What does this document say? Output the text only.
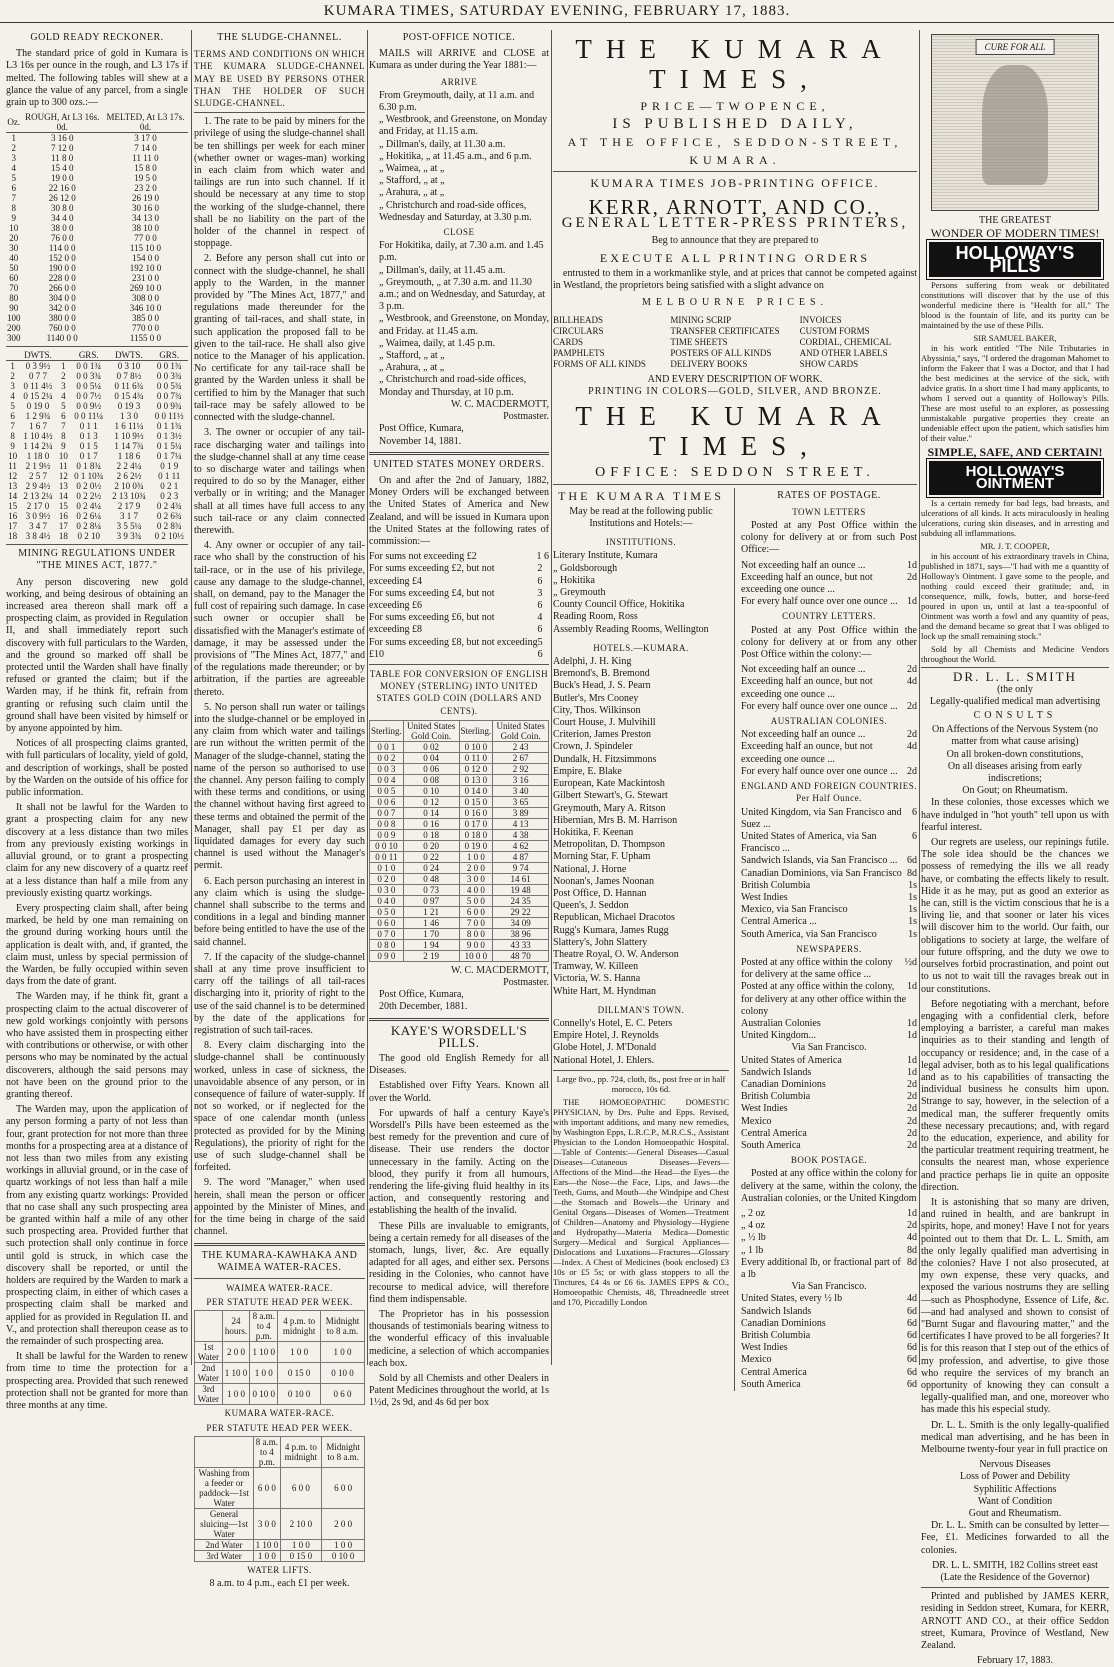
KUMARA TIMES, SATURDAY EVENING, FEBRUARY 17, 1883.
GOLD READY RECKONER.

The standard price of gold in Kumara is L3 16s per ounce in the rough, and L3 17s if melted. The following tables will shew at a glance the value of any parcel, from a single grain up to 300 ozs.:—

Oz.	ROUGH, At L3 16s. 0d.	MELTED, At L3 17s. 0d.
1	3 16 0	3 17 0
2	7 12 0	7 14 0
3	11 8 0	11 11 0
4	15 4 0	15 8 0
5	19 0 0	19 5 0
6	22 16 0	23 2 0
7	26 12 0	26 19 0
8	30 8 0	30 16 0
9	34 4 0	34 13 0
10	38 0 0	38 10 0
20	76 0 0	77 0 0
30	114 0 0	115 10 0
40	152 0 0	154 0 0
50	190 0 0	192 10 0
60	228 0 0	231 0 0
70	266 0 0	269 10 0
80	304 0 0	308 0 0
90	342 0 0	346 10 0
100	380 0 0	385 0 0
200	760 0 0	770 0 0
300	1140 0 0	1155 0 0
	DWTS.		GRS.	DWTS.	GRS.
1	0 3 9½	1	0 0 1¾	0 3 10	0 0 1¾
2	0 7 7	2	0 0 3¾	0 7 8½	0 0 3¾
3	0 11 4½	3	0 0 5¼	0 11 6¾	0 0 5¾
4	0 15 2¼	4	0 0 7½	0 15 4¾	0 0 7¾
5	0 19 0	5	0 0 9½	0 19 3	0 0 9¾
6	1 2 9¾	6	0 0 11¼	1 3 0	0 0 11½
7	1 6 7	7	0 1 1	1 6 11¼	0 1 1¾
8	1 10 4½	8	0 1 3	1 10 9½	0 1 3½
9	1 14 2¼	9	0 1 5	1 14 7¾	0 1 5¼
10	1 18 0	10	0 1 7	1 18 6	0 1 7¼
11	2 1 9½	11	0 1 8¾	2 2 4¼	0 1 9
12	2 5 7	12	0 1 10¾	2 6 2½	0 1 11
13	2 9 4½	13	0 2 0½	2 10 0¾	0 2 1
14	2 13 2¼	14	0 2 2½	2 13 10¾	0 2 3
15	2 17 0	15	0 2 4¼	2 17 9	0 2 4¾
16	3 0 9½	16	0 2 6¼	3 1 7	0 2 6¾
17	3 4 7	17	0 2 8¼	3 5 5¼	0 2 8¾
18	3 8 4½	18	0 2 10	3 9 3¾	0 2 10½
MINING REGULATIONS UNDER "THE MINES ACT, 1877."

Any person discovering new gold working, and being desirous of obtaining an increased area thereon shall mark off a prospecting claim, as provided in Regulation II, and shall immediately report such discovery with full particulars to the Warden, and the ground so marked off shall be protected until the Warden shall have finally refused or granted the claim; but if the Warden may, if he think fit, refrain from granting or refusing such claim until the ground shall have been visited by himself or by anyone appointed by him.

Notices of all prospecting claims granted, with full particulars of locality, yield of gold, and description of workings, shall be posted by the Warden on the outside of his office for public information.

It shall not be lawful for the Warden to grant a prospecting claim for any new discovery at a less distance than two miles from any previously existing workings in alluvial ground, or to grant a prospecting claim for any new discovery of a quartz reef at a less distance than half a mile from any previously existing quartz workings.

Every prospecting claim shall, after being marked, be held by one man remaining on the ground during working hours until the application is dealt with, and, if granted, the claim must, unless by special permission of the Warden, be fully occupied within seven days from the date of grant.

The Warden may, if he think fit, grant a prospecting claim to the actual discoverer of new gold workings conjointly with persons who have assisted them in prospecting either with contributions or otherwise, or with other persons who may be nominated by the actual discoverers, although the said persons may not have been on the ground prior to the granting thereof.

The Warden may, upon the application of any person forming a party of not less than four, grant protection for not more than three months for a prospecting area at a distance of not less than two miles from any existing workings in alluvial ground, or in the case of quartz workings of not less than half a mile from any existing quartz workings: Provided that no case shall any such prospecting area be granted within half a mile of any other such prospecting area. Provided further that such protection shall only continue in force until gold is struck, in which case the discovery shall be reported, or until the holders are required by the Warden to mark a prospecting claim, in either of which cases a prospecting claim shall be marked and applied for as provided in Regulation II. and V., and protection shall thereupon cease as to the remainder of such prospecting area.

It shall be lawful for the Warden to renew from time to time the protection for a prospecting area. Provided that such renewed protection shall not be granted for more than three months at any time.

THE SLUDGE-CHANNEL.
TERMS AND CONDITIONS ON WHICH THE KUMARA SLUDGE-CHANNEL MAY BE USED BY PERSONS OTHER THAN THE HOLDER OF SUCH SLUDGE-CHANNEL.

1. The rate to be paid by miners for the privilege of using the sludge-channel shall be ten shillings per week for each miner (whether owner or wages-man) working in each claim from which water and tailings are run into such channel. If it should be necessary at any time to stop the working of the sludge-channel, there shall be no liability on the part of the holder of the channel in respect of stoppage.

2. Before any person shall cut into or connect with the sludge-channel, he shall apply to the Warden, in the manner provided by "The Mines Act, 1877," and regulations made thereunder for the granting of tail-races, and shall state, in such application the proposed fall to be given to the tail-race. He shall also give notice to the Manager of his application. No certificate for any tail-race shall be granted by the Warden unless it shall be certified to him by the Manager that such tail-race may be safely allowed to be connected with the sludge-channel.

3. The owner or occupier of any tail-race discharging water and tailings into the sludge-channel shall at any time cease to so discharge water and tailings when required to do so by the Manager, either verbally or in writing; and the Manager shall at all times have full access to any such tail-race or any claim connected therewith.

4. Any owner or occupier of any tail-race who shall by the construction of his tail-race, or in the use of his privilege, cause any damage to the sludge-channel, shall, on demand, pay to the Manager the full cost of repairing such damage. In case such owner or occupier shall be dissatisfied with the Manager's estimate of damage, it may be assessed under the provisions of "The Mines Act, 1877," and of the regulations made thereunder; or by arbitration, if the parties are agreeable thereto.

5. No person shall run water or tailings into the sludge-channel or be employed in any claim from which water and tailings are run without the written permit of the Manager of the sludge-channel, stating the name of the person so authorised to use the channel. Any person failing to comply with these terms and conditions, or using the channel without having first agreed to these terms and obtained the permit of the Manager, shall pay £1 per day as liquidated damages for every day such channel is used without the Manager's permit.

6. Each person purchasing an interest in any claim which is using the sludge-channel shall subscribe to the terms and conditions in a legal and binding manner before being entitled to have the use of the said channel.

7. If the capacity of the sludge-channel shall at any time prove insufficient to carry off the tailings of all tail-races discharging into it, priority of right to the use of the said channel is to be determined by the date of the applications for registration of such tail-races.

8. Every claim discharging into the sludge-channel shall be continuously worked, unless in case of sickness, the unavoidable absence of any person, or in consequence of failure of water-supply. If not so worked, or if neglected for the space of one calendar month (unless protected as provided for by the Mining Regulations), the priority of right for the use of such sludge-channel shall be forfeited.

9. The word "Manager," when used herein, shall mean the person or officer appointed by the Minister of Mines, and for the time being in charge of the said channel.

THE KUMARA-KAWHAKA AND WAIMEA WATER-RACES.
WAIMEA WATER-RACE.
PER STATUTE HEAD PER WEEK.
	24 hours.	8 a.m. to 4 p.m.	4 p.m. to midnight	Midnight to 8 a.m.
1st Water	2 0 0	1 10 0	1 0 0	1 0 0
2nd Water	1 10 0	1 0 0	0 15 0	0 10 0
3rd Water	1 0 0	0 10 0	0 10 0	0 6 0
KUMARA WATER-RACE.
PER STATUTE HEAD PER WEEK.
	8 a.m. to 4 p.m.	4 p.m. to midnight	Midnight to 8 a.m.
Washing from a feeder or paddock—1st Water	6 0 0	6 0 0	6 0 0
General sluicing—1st Water	3 0 0	2 10 0	2 0 0
2nd Water	1 10 0	1 0 0	1 0 0
3rd Water	1 0 0	0 15 0	0 10 0
WATER LIFTS.
8 a.m. to 4 p.m., each £1 per week.
POST-OFFICE NOTICE.

MAILS will ARRIVE and CLOSE at Kumara as under during the Year 1881:—

ARRIVE
From Greymouth, daily, at 11 a.m. and 6.30 p.m.
„ Westbrook, and Greenstone, on Monday and Friday, at 11.15 a.m.
„ Dillman's, daily, at 11.30 a.m.
„ Hokitika, „ at 11.45 a.m., and 6 p.m.
„ Waimea, „ at „
„ Stafford, „ at „
„ Arahura, „ at „
„ Christchurch and road-side offices, Wednesday and Saturday, at 3.30 p.m.
CLOSE
For Hokitika, daily, at 7.30 a.m. and 1.45 p.m.
„ Dillman's, daily, at 11.45 a.m.
„ Greymouth, „ at 7.30 a.m. and 11.30 a.m.; and on Wednesday, and Saturday, at 3 p.m.
„ Westbrook, and Greenstone, on Monday, and Friday. at 11.45 a.m.
„ Waimea, daily, at 1.45 p.m.
„ Stafford, „ at „
„ Arahura, „ at „
„ Christchurch and road-side offices, Monday and Thursday, at 10 p.m.
W. C. MACDERMOTT,
Postmaster.
Post Office, Kumara,
November 14, 1881.
UNITED STATES MONEY ORDERS.

On and after the 2nd of January, 1882, Money Orders will be exchanged between the United States of America and New Zealand, and will be issued in Kumara upon the United States at the following rates of commission:—

For sums not exceeding £2	1 6
For sums exceeding £2, but not exceeding £4
2 6
For sums exceeding £4, but not exceeding £6
3 6
For sums exceeding £6, but not exceeding £8
4 6
For sums exceeding £8, but not exceeding £10
5 6
TABLE FOR CONVERSION OF ENGLISH MONEY (STERLING) INTO UNITED STATES GOLD COIN (DOLLARS AND CENTS).
Sterling.	United States Gold Coin.	Sterling.	United States Gold Coin.
0 0 1	0 02	0 10 0	2 43
0 0 2	0 04	0 11 0	2 67
0 0 3	0 06	0 12 0	2 92
0 0 4	0 08	0 13 0	3 16
0 0 5	0 10	0 14 0	3 40
0 0 6	0 12	0 15 0	3 65
0 0 7	0 14	0 16 0	3 89
0 0 8	0 16	0 17 0	4 13
0 0 9	0 18	0 18 0	4 38
0 0 10	0 20	0 19 0	4 62
0 0 11	0 22	1 0 0	4 87
0 1 0	0 24	2 0 0	9 74
0 2 0	0 48	3 0 0	14 61
0 3 0	0 73	4 0 0	19 48
0 4 0	0 97	5 0 0	24 35
0 5 0	1 21	6 0 0	29 22
0 6 0	1 46	7 0 0	34 09
0 7 0	1 70	8 0 0	38 96
0 8 0	1 94	9 0 0	43 33
0 9 0	2 19	10 0 0	48 70
W. C. MACDERMOTT,
Postmaster.
Post Office, Kumara,
20th December, 1881.
KAYE'S WORSDELL'S PILLS.

The good old English Remedy for all Diseases.

Established over Fifty Years. Known all over the World.

For upwards of half a century Kaye's Worsdell's Pills have been esteemed as the best remedy for the prevention and cure of disease. Their use renders the doctor unnecessary in the family. Acting on the blood, they purify it from all humours, rendering the life-giving fluid healthy in its action, and consequently restoring and establishing the health of the invalid.

These Pills are invaluable to emigrants, being a certain remedy for all diseases of the stomach, lungs, liver, &c. Are equally adapted for all ages, and either sex. Persons residing in the Colonies, who cannot have recourse to medical advice, will therefore find them indispensable.

The Proprietor has in his possession thousands of testimonials bearing witness to the wonderful efficacy of this invaluable medicine, a selection of which accompanies each box.

Sold by all Chemists and other Dealers in Patent Medicines throughout the world, at 1s 1½d, 2s 9d, and 4s 6d per box

THE KUMARA TIMES,
PRICE—TWOPENCE,
IS PUBLISHED DAILY,
AT THE OFFICE, SEDDON-STREET,
KUMARA.
KUMARA TIMES JOB-PRINTING OFFICE.
KERR, ARNOTT, AND CO.,
GENERAL LETTER-PRESS PRINTERS,
Beg to announce that they are prepared to
EXECUTE ALL PRINTING ORDERS

entrusted to them in a workmanlike style, and at prices that cannot be competed against in Westland, the proprietors being satisfied with a slight advance on

MELBOURNE PRICES.
BILLHEADS
CIRCULARS
CARDS
PAMPHLETS
FORMS OF ALL KINDS
MINING SCRIP
TRANSFER CERTIFICATES
TIME SHEETS
POSTERS OF ALL KINDS
DELIVERY BOOKS
INVOICES
CUSTOM FORMS
CORDIAL, CHEMICAL
AND OTHER LABELS
SHOW CARDS
AND EVERY DESCRIPTION OF WORK.
PRINTING IN COLORS—GOLD, SILVER, AND BRONZE.
THE KUMARA TIMES,
OFFICE: SEDDON STREET.
THE KUMARA TIMES
May be read at the following public Institutions and Hotels:—
INSTITUTIONS.
Literary Institute, Kumara
„ Goldsborough
„ Hokitika
„ Greymouth
County Council Office, Hokitika
Reading Room, Ross
Assembly Reading Rooms, Wellington
HOTELS.—KUMARA.
Adelphi, J. H. King
Bremond's, B. Bremond
Buck's Head, J. S. Pearn
Butler's, Mrs Cooney
City, Thos. Wilkinson
Court House, J. Mulvihill
Criterion, James Preston
Crown, J. Spindeler
Dundalk, H. Fitzsimmons
Empire, E. Blake
European, Kate Mackintosh
Gilbert Stewart's, G. Stewart
Greymouth, Mary A. Ritson
Hibernian, Mrs B. M. Harrison
Hokitika, F. Keenan
Metropolitan, D. Thompson
Morning Star, F. Upham
National, J. Horne
Noonan's, James Noonan
Post Office, D. Hannan
Queen's, J. Seddon
Republican, Michael Dracotos
Rugg's Kumara, James Rugg
Slattery's, John Slattery
Theatre Royal, O. W. Anderson
Tramway, W. Killeen
Victoria, W. S. Hanna
White Hart, M. Hyndman
DILLMAN'S TOWN.
Connelly's Hotel, E. C. Peters
Empire Hotel, J. Reynolds
Globe Hotel, J. M'Donald
National Hotel, J. Ehlers.
Large 8vo., pp. 724, cloth, 8s., post free or in half morocco, 10s 6d.

THE HOMOEOPATHIC DOMESTIC PHYSICIAN, by Drs. Pulte and Epps. Revised, with important additions, and many new remedies, by Washington Epps, L.R.C.P., M.R.C.S., Assistant Physician to the London Homoeopathic Hospital.—Table of Contents:—General Diseases—Casual Diseases—Cutaneous Diseases—Fevers—Affections of the Mind—the Head—the Eyes—the Ears—the Nose—the Face, Lips, and Jaws—the Teeth, Gums, and Mouth—the Windpipe and Chest—the Stomach and Bowels—the Urinary and Genital Organs—Diseases of Women—Treatment of Children—Anatomy and Physiology—Hygiene and Hydropathy—Materia Medica—Domestic Surgery—Medical and Surgical Appliances—Dislocations and Luxations—Fractures—Glossary—Index. A Chest of Medicines (book enclosed) £3 10s or £5 5s; or with glass stoppers to all the Tinctures, £4 4s or £6 6s. JAMES EPPS & CO., Homoeopathic Chemists, 48, Threadneedle street and 170, Piccadilly London

RATES OF POSTAGE.
TOWN LETTERS

Posted at any Post Office within the colony for delivery at or from such Post Office:—

Not exceeding half an ounce ...	1d
Exceeding half an ounce, but not exceeding one ounce ...
2d
For every half ounce over one ounce ... 1d
COUNTRY LETTERS.

Posted at any Post Office within the colony for delivery at or from any other Post Office within the colony:—

Not exceeding half an ounce ...	2d
Exceeding half an ounce, but not exceeding one ounce ...
4d
For every half ounce over one ounce ... 2d
AUSTRALIAN COLONIES.
Not exceeding half an ounce ...	2d
Exceeding half an ounce, but not exceeding one ounce ...
4d
For every half ounce over one ounce ... 2d
ENGLAND AND FOREIGN COUNTRIES. Per Half Ounce.
United Kingdom, via San Francisco and Suez ...
6
United States of America, via San Francisco ...
6
Sandwich Islands, via San Francisco ... 6d
Canadian Dominions, via San Francisco 8d
British Columbia	1s
West Indies	1s
Mexico, via San Francisco	1s
Central America ...	1s
South America, via San Francisco	1s
NEWSPAPERS.
Posted at any office within the colony for delivery at the same office ...
½d
Posted at any office within the colony, for delivery at any other office within the colony
1d
Australian Colonies	1d
United Kingdom...	1d
Via San Francisco.
United States of America	1d
Sandwich Islands	1d
Canadian Dominions	2d
British Columbia	2d
West Indies	2d
Mexico	2d
Central America	2d
South America	2d
BOOK POSTAGE.

Posted at any office within the colony for delivery at the same, within the colony, the Australian colonies, or the United Kingdom

„ 2 oz	1d
„ 4 oz	2d
„ ½ lb	4d
„ 1 lb	8d
Every additional lb, or fractional part of a lb
8d
Via San Francisco.
United States, every ½ lb	4d
Sandwich Islands	6d
Canadian Dominions	6d
British Columbia	6d
West Indies	6d
Mexico	6d
Central America	6d
South America	6d
CURE FOR ALL
THE GREATEST
WONDER OF MODERN TIMES!
HOLLOWAY'S PILLS

Persons suffering from weak or debilitated constitutions will discover that by the use of this wonderful medicine there is "Health for all." The blood is the fountain of life, and its purity can be maintained by the use of these Pills.

SIR SAMUEL BAKER,

in his work entitled "The Nile Tributaries in Abyssinia," says, "I ordered the dragoman Mahomet to inform the Fakeer that I was a Doctor, and that I had the best medicines at the service of the sick, with advice gratis. In a short time I had many applicants, to whom I served out a quantity of Holloway's Pills. These are most useful to an explorer, as possessing unmistakable purgative properties they create an undeniable effect upon the patient, which satisfies him of their value."

SIMPLE, SAFE, AND CERTAIN!
HOLLOWAY'S OINTMENT

Is a certain remedy for bad legs, bad breasts, and ulcerations of all kinds. It acts miraculously in healing ulcerations, curing skin diseases, and in arresting and subduing all inflammations.

MR. J. T. COOPER,

in his account of his extraordinary travels in China, published in 1871, says—"I had with me a quantity of Holloway's Ointment. I gave some to the people, and nothing could exceed their gratitude; and, in consequence, milk, fowls, butter, and horse-feed poured in upon us, until at last a tea-spoonful of Ointment was worth a fowl and any quantity of peas, and the demand became so great that I was obliged to lock up the small remaining stock."

Sold by all Chemists and Medicine Vendors throughout the World.

DR. L. L. SMITH
(the only
Legally-qualified medical man advertising
CONSULTS
On Affections of the Nervous System (no matter from what cause arising)
On all broken-down constitutions,
On all diseases arising from early indiscretions;
On Gout; on Rheumatism.

In these colonies, those excesses which we have indulged in "hot youth" tell upon us with fearful interest.

Our regrets are useless, our repinings futile. The sole idea should be the chances we possess of remedying the ills we all ready have, or combating the effects likely to result. Hide it as he may, put as good an exterior as he can, still is the victim conscious that he is a living lie, and that sooner or later his vices will discover him to the world. Our faith, our obligations to society at large, the welfare of our future offspring, and the duty we owe to ourselves forbid procrastination, and point out to us not to wait till the ravages break out in our constitutions.

Before negotiating with a merchant, before engaging with a confidential clerk, before employing a barrister, a careful man makes inquiries as to their standing and length of occupancy or residence; and, in the case of a legal adviser, both as to his legal qualifications and as to his capabilities of transacting the individual business he consults him upon. Strange to say, however, in the selection of a medical man, the sufferer frequently omits these necessary precautions; and, with regard to the education, experience, and ability for the particular treatment requiring treatment, he consults the nearest man, whose experience and practice perhaps lie in quite an opposite direction.

It is astonishing that so many are driven, and ruined in health, and are bankrupt in spirits, hope, and money! Have I not for years pointed out to them that Dr. L. L. Smith, am the only legally qualified man advertising in the colonies? Have I not also prosecuted, at my own expense, these very quacks, and exposed the various nostrums they are selling—such as Phosphodyne, Essence of Life, &c.—and had analysed and shown to consist of "Burnt Sugar and flavouring matter," and the certificates I have proved to be all forgeries? It is for this reason that I step out of the ethics of my profession, and advertise, to give those who require the services of my branch an opportunity of knowing they can consult a legally-qualified man, and one, moreover who has made this his especial study.

Dr. L. L. Smith is the only legally-qualified medical man advertising, and he has been in Melbourne twenty-four year in full practice on

Nervous Diseases
Loss of Power and Debility
Syphilitic Affections
Want of Condition
Gout and Rheumatism.

Dr. L. L. Smith can be consulted by letter—Fee, £1. Medicines forwarded to all the colonies.

DR. L. L. SMITH, 182 Collins street east
(Late the Residence of the Governor)

Printed and published by JAMES KERR, residing in Seddon street, Kumara, for KERR, ARNOTT AND CO., at their office Seddon street, Kumara, Province of Westland, New Zealand.

February 17, 1883.
